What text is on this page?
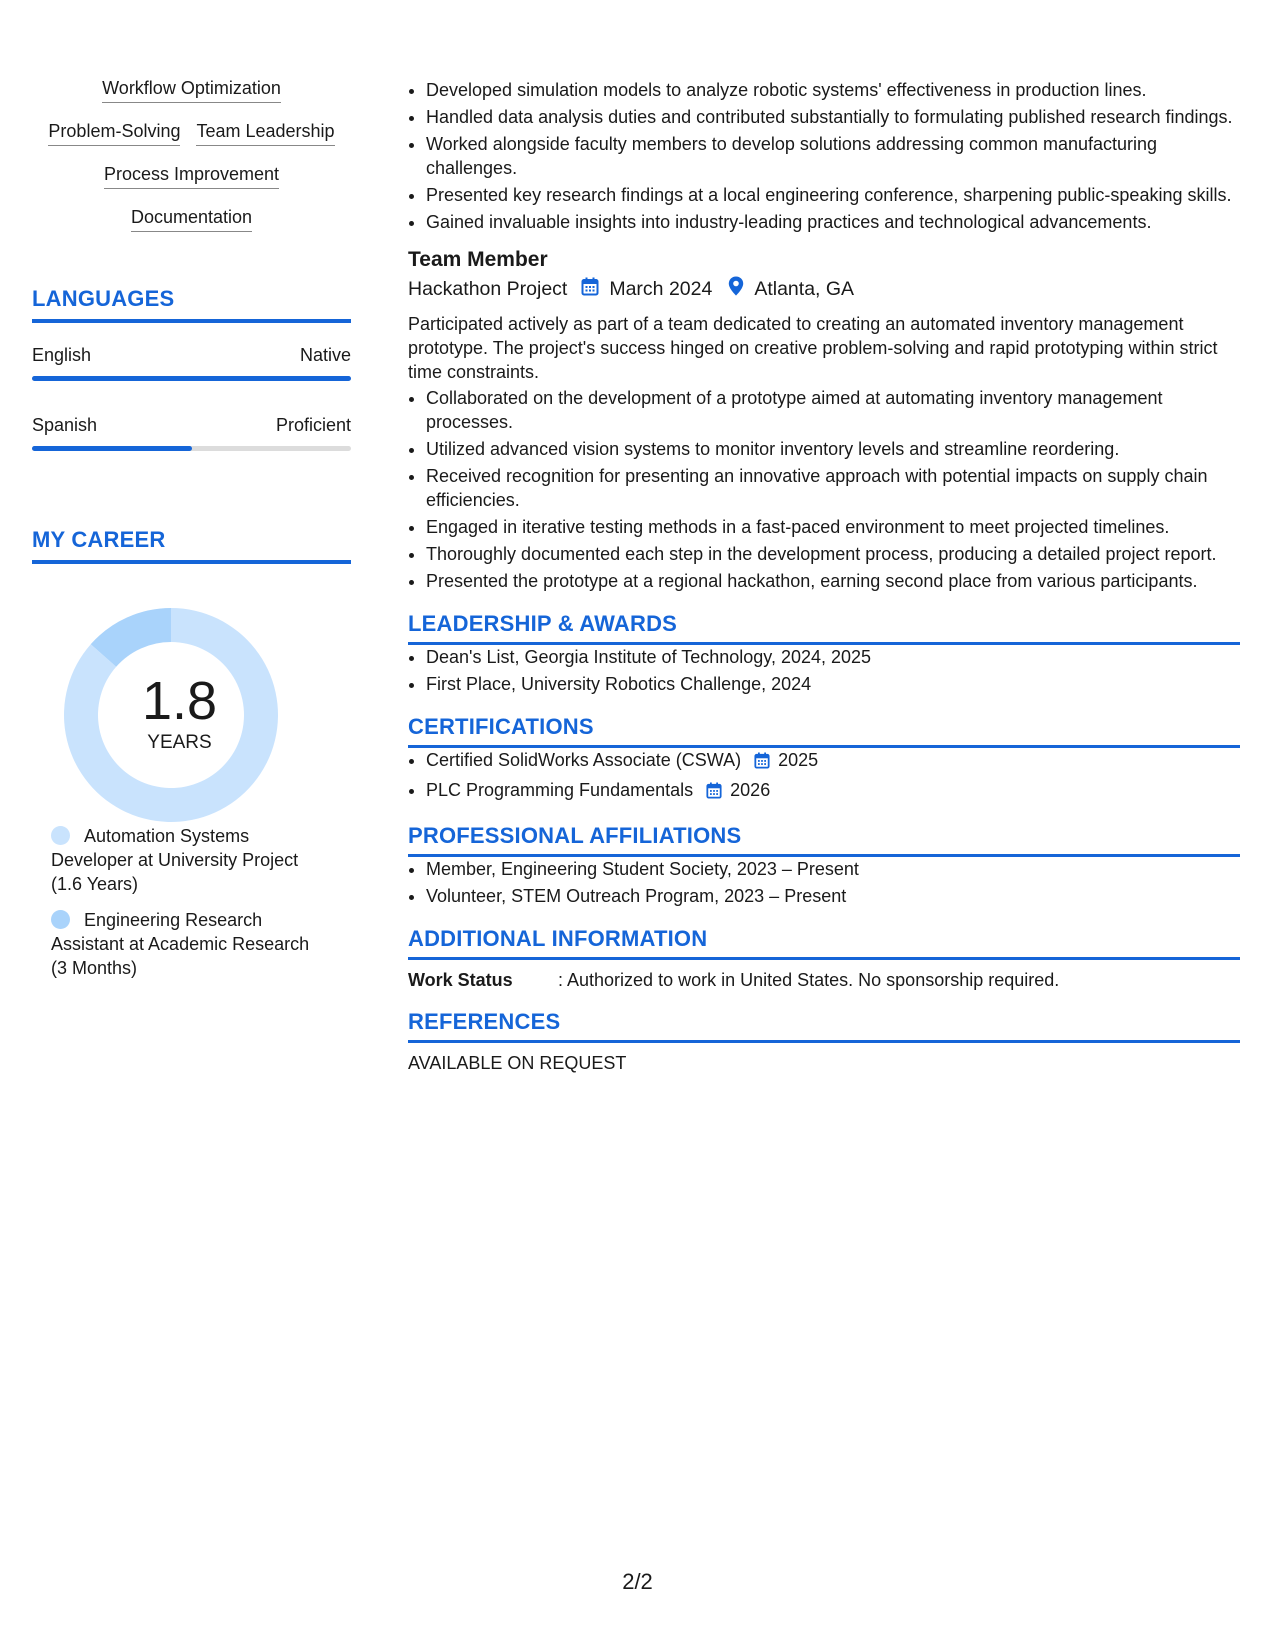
Workflow Optimization
Problem-Solving Team Leadership
Process Improvement
Documentation
LANGUAGES
English	Native
Spanish	Proficient
MY CAREER
1.8
YEARS
Automation Systems
Developer at University Project
(1.6 Years)
Engineering Research
Assistant at Academic Research
(3 Months)
• Developed simulation models to analyze robotic systems' effectiveness in production lines.
• Handled data analysis duties and contributed substantially to formulating published research findings.
• Worked alongside faculty members to develop solutions addressing common manufacturing challenges.
• Presented key research findings at a local engineering conference, sharpening public-speaking skills.
• Gained invaluable insights into industry-leading practices and technological advancements.
Team Member
Hackathon Project March 2024 Atlanta, GA

Participated actively as part of a team dedicated to creating an automated inventory management prototype. The project's success hinged on creative problem-solving and rapid prototyping within strict time constraints.

• Collaborated on the development of a prototype aimed at automating inventory management processes.
• Utilized advanced vision systems to monitor inventory levels and streamline reordering.
• Received recognition for presenting an innovative approach with potential impacts on supply chain efficiencies.
• Engaged in iterative testing methods in a fast-paced environment to meet projected timelines.
• Thoroughly documented each step in the development process, producing a detailed project report.
• Presented the prototype at a regional hackathon, earning second place from various participants.
LEADERSHIP & AWARDS
• Dean's List, Georgia Institute of Technology, 2024, 2025
• First Place, University Robotics Challenge, 2024
CERTIFICATIONS
• Certified SolidWorks Associate (CSWA) 2025
• PLC Programming Fundamentals 2026
PROFESSIONAL AFFILIATIONS
• Member, Engineering Student Society, 2023 – Present
• Volunteer, STEM Outreach Program, 2023 – Present
ADDITIONAL INFORMATION
Work Status	: Authorized to work in United States. No sponsorship required.
REFERENCES
AVAILABLE ON REQUEST
2/2
